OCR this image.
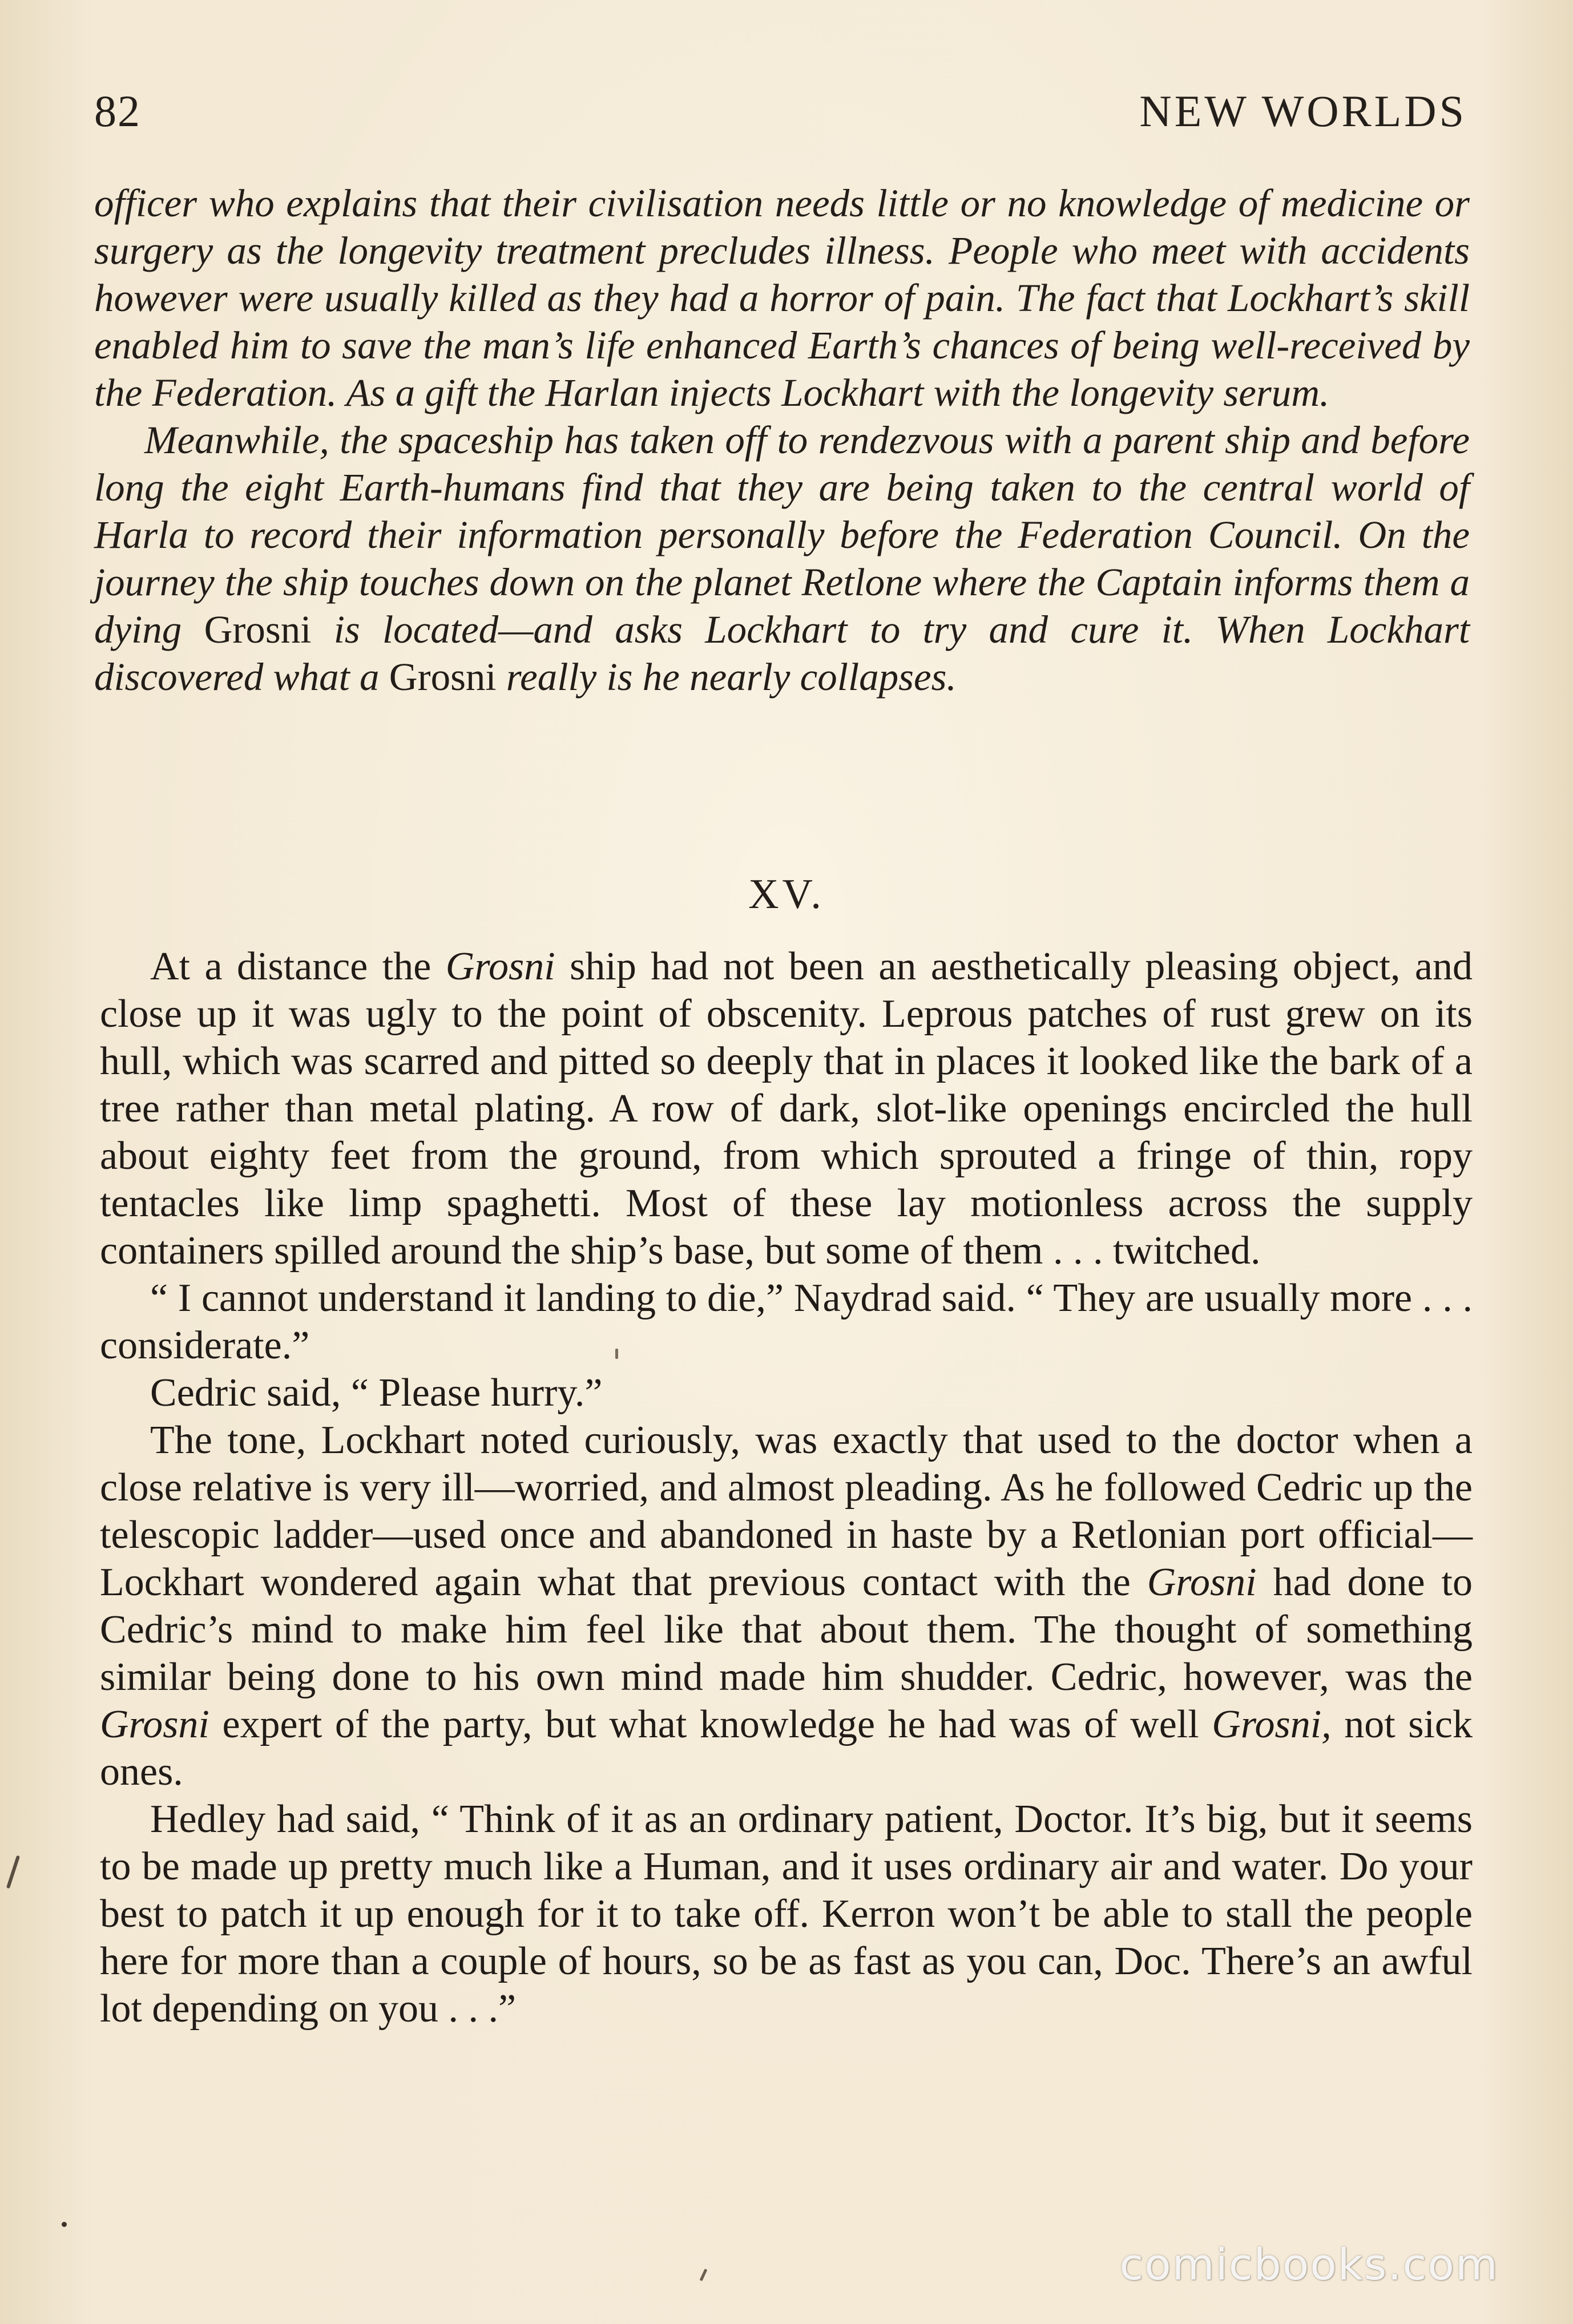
82	NEW WORLDS

officer who explains that their civilisation needs little or no knowledge of medicine or surgery as the longevity treatment precludes illness. People who meet with accidents however were usually killed as they had a horror of pain. The fact that Lockhart’s skill enabled him to save the man’s life enhanced Earth’s chances of being well-received by the Federation. As a gift the Harlan injects Lockhart with the longevity serum.

Meanwhile, the spaceship has taken off to rendezvous with a parent ship and before long the eight Earth-humans find that they are being taken to the central world of Harla to record their information personally before the Federation Council. On the journey the ship touches down on the planet Retlone where the Captain informs them a dying Grosni is located—and asks Lockhart to try and cure it. When Lockhart discovered what a Grosni really is he nearly collapses.

XV.

At a distance the Grosni ship had not been an aesthetically pleasing object, and close up it was ugly to the point of obscenity. Leprous patches of rust grew on its hull, which was scarred and pitted so deeply that in places it looked like the bark of a tree rather than metal plating. A row of dark, slot-like openings encircled the hull about eighty feet from the ground, from which sprouted a fringe of thin, ropy tentacles like limp spaghetti. Most of these lay motionless across the supply containers spilled around the ship’s base, but some of them . . . twitched.

“ I cannot understand it landing to die,” Naydrad said. “ They are usually more . . . considerate.”

Cedric said, “ Please hurry.”

The tone, Lockhart noted curiously, was exactly that used to the doctor when a close relative is very ill—worried, and almost pleading. As he followed Cedric up the telescopic ladder—used once and abandoned in haste by a Retlonian port official—Lockhart wondered again what that previous contact with the Grosni had done to Cedric’s mind to make him feel like that about them. The thought of something similar being done to his own mind made him shudder. Cedric, however, was the Grosni expert of the party, but what knowledge he had was of well Grosni, not sick ones.

Hedley had said, “ Think of it as an ordinary patient, Doctor. It’s big, but it seems to be made up pretty much like a Human, and it uses ordinary air and water. Do your best to patch it up enough for it to take off. Kerron won’t be able to stall the people here for more than a couple of hours, so be as fast as you can, Doc. There’s an awful lot depending on you . . .”

comicbooks.com
